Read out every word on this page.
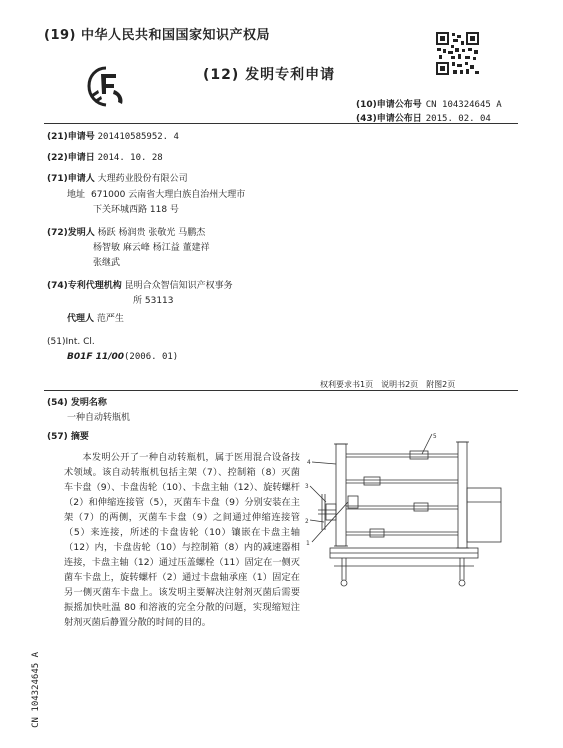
(19) 中华人民共和国国家知识产权局
(12) 发明专利申请
(10)申请公布号 CN 104324645 A
(43)申请公布日 2015. 02. 04
(21)申请号 201410585952. 4
(22)申请日 2014. 10. 28
(71)申请人 大理药业股份有限公司
地址 671000 云南省大理白族自治州大理市
下关环城西路 118 号
(72)发明人 杨跃 杨润贵 张敬光 马鹏杰
杨智敏 麻云峰 杨江益 董建祥
张继武
(74)专利代理机构 昆明合众智信知识产权事务
所 53113
代理人 范严生
(51)Int. Cl.
B01F 11/00(2006. 01)
权利要求书1页 说明书2页 附图2页
(54) 发明名称
一种自动转瓶机
(57) 摘要
本发明公开了一种自动转瓶机，属于医用混合设备技术领域。该自动转瓶机包括主架（7）、控制箱（8）灭菌车卡盘（9）、卡盘齿轮（10）、卡盘主轴（12）、旋转螺杆（2）和伸缩连接管（5），灭菌车卡盘（9）分别安装在主架（7）的两侧，灭菌车卡盘（9）之间通过伸缩连接管（5）来连接，所述的卡盘齿轮（10）镶嵌在卡盘主轴（12）内，卡盘齿轮（10）与控制箱（8）内的减速器相连接，卡盘主轴（12）通过压盖螺栓（11）固定在一侧灭菌车卡盘上，旋转螺杆（2）通过卡盘轴承座（1）固定在另一侧灭菌车卡盘上。该发明主要解决注射剂灭菌后需要振摇加快吐温 80 和溶液的完全分散的问题，实现缩短注射剂灭菌后静置分散的时间的目的。
5
4
3
2
1
CN 104324645 A
